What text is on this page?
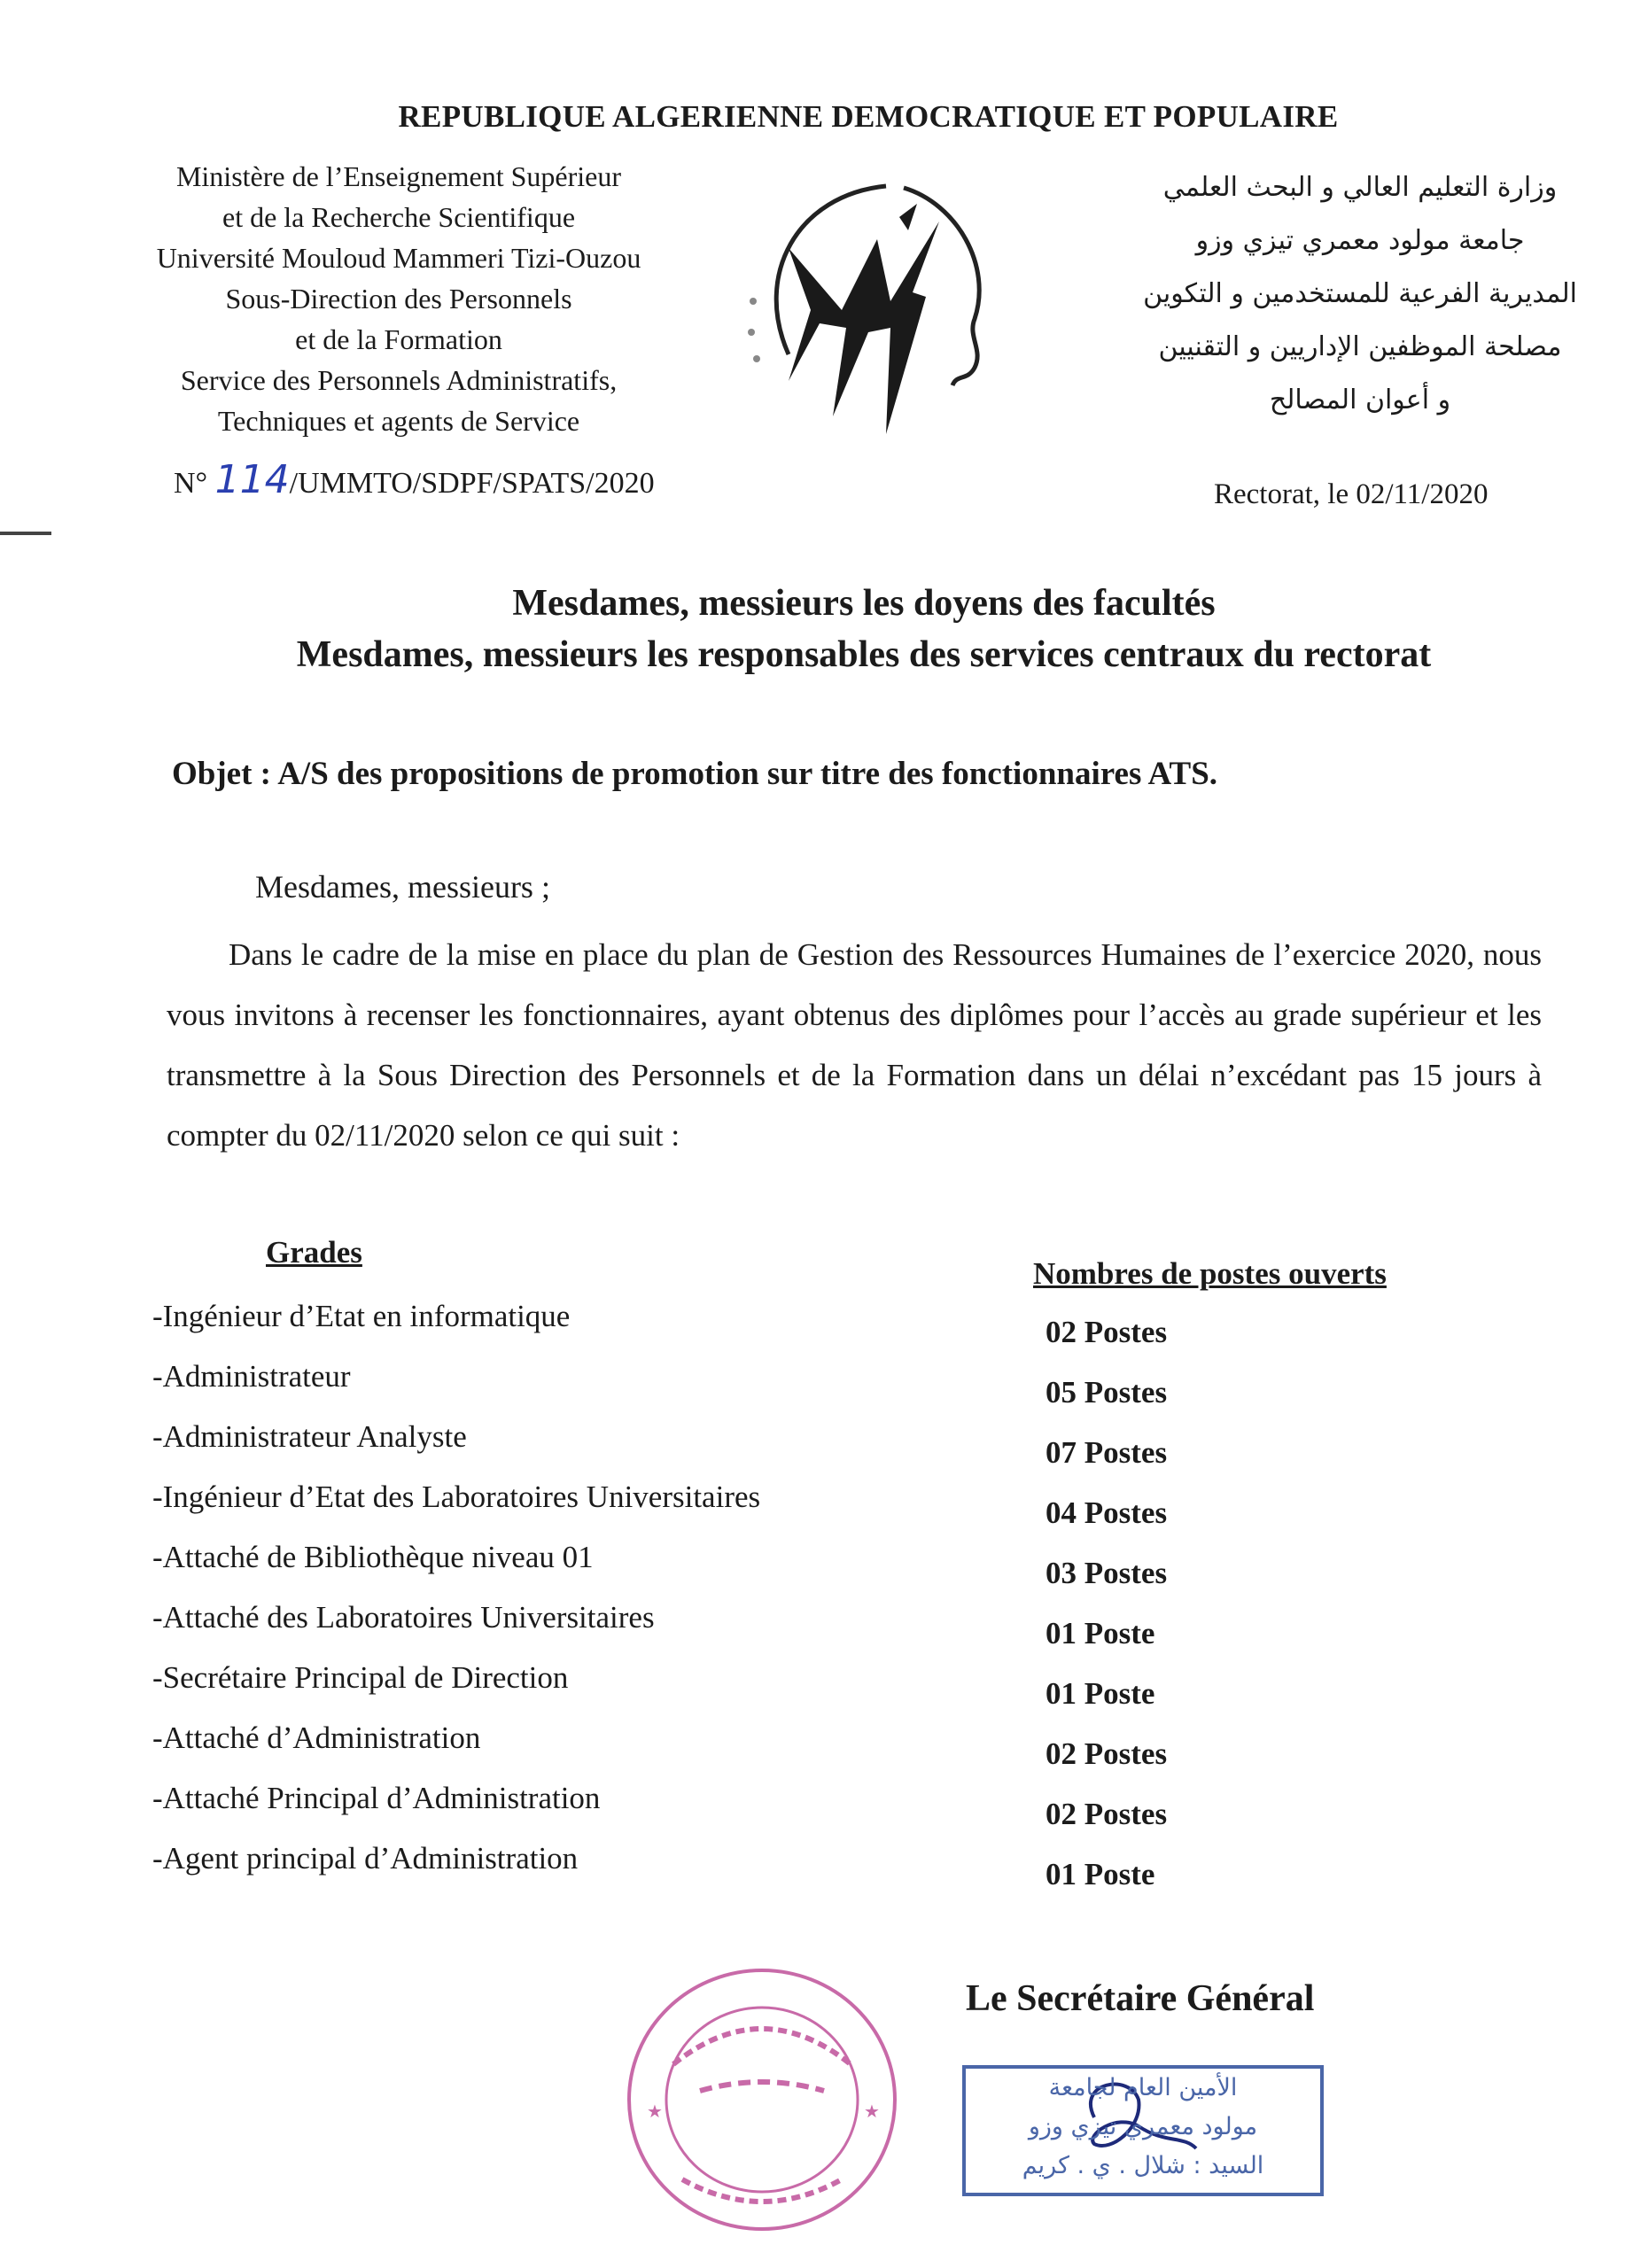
REPUBLIQUE ALGERIENNE DEMOCRATIQUE ET POPULAIRE
Ministère de l’Enseignement Supérieur
et de la Recherche Scientifique
Université Mouloud Mammeri Tizi-Ouzou
Sous-Direction des Personnels
et de la Formation
Service des Personnels Administratifs,
Techniques et agents de Service
وزارة التعليم العالي و البحث العلمي
جامعة مولود معمري تيزي وزو
المديرية الفرعية للمستخدمين و التكوين
مصلحة الموظفين الإداريين و التقنيين
و أعوان المصالح
N° 114/UMMTO/SDPF/SPATS/2020	Rectorat, le 02/11/2020
Mesdames, messieurs les doyens des facultés
Mesdames, messieurs les responsables des services centraux du rectorat
Objet : A/S des propositions de promotion sur titre des fonctionnaires ATS.
Mesdames, messieurs ;
Dans le cadre de la mise en place du plan de Gestion des Ressources Humaines de l’exercice 2020, nous vous invitons à recenser les fonctionnaires, ayant obtenus des diplômes pour l’accès au grade supérieur et les transmettre à la Sous Direction des Personnels et de la Formation dans un délai n’excédant pas 15 jours à compter du 02/11/2020 selon ce qui suit :
Grades
Nombres de postes ouverts
-Ingénieur d’Etat en informatique
-Administrateur
-Administrateur Analyste
-Ingénieur d’Etat des Laboratoires Universitaires
-Attaché de Bibliothèque niveau 01
-Attaché des Laboratoires Universitaires
-Secrétaire Principal de Direction
-Attaché d’Administration
-Attaché Principal d’Administration
-Agent principal d’Administration
02 Postes
05 Postes
07 Postes
04 Postes
03 Postes
01 Poste
01 Poste
02 Postes
02 Postes
01 Poste
Le Secrétaire Général
★	★
الأمين العام لجامعة
مولود معمري تيزي وزو
السيد : شلال . ي . كريم
